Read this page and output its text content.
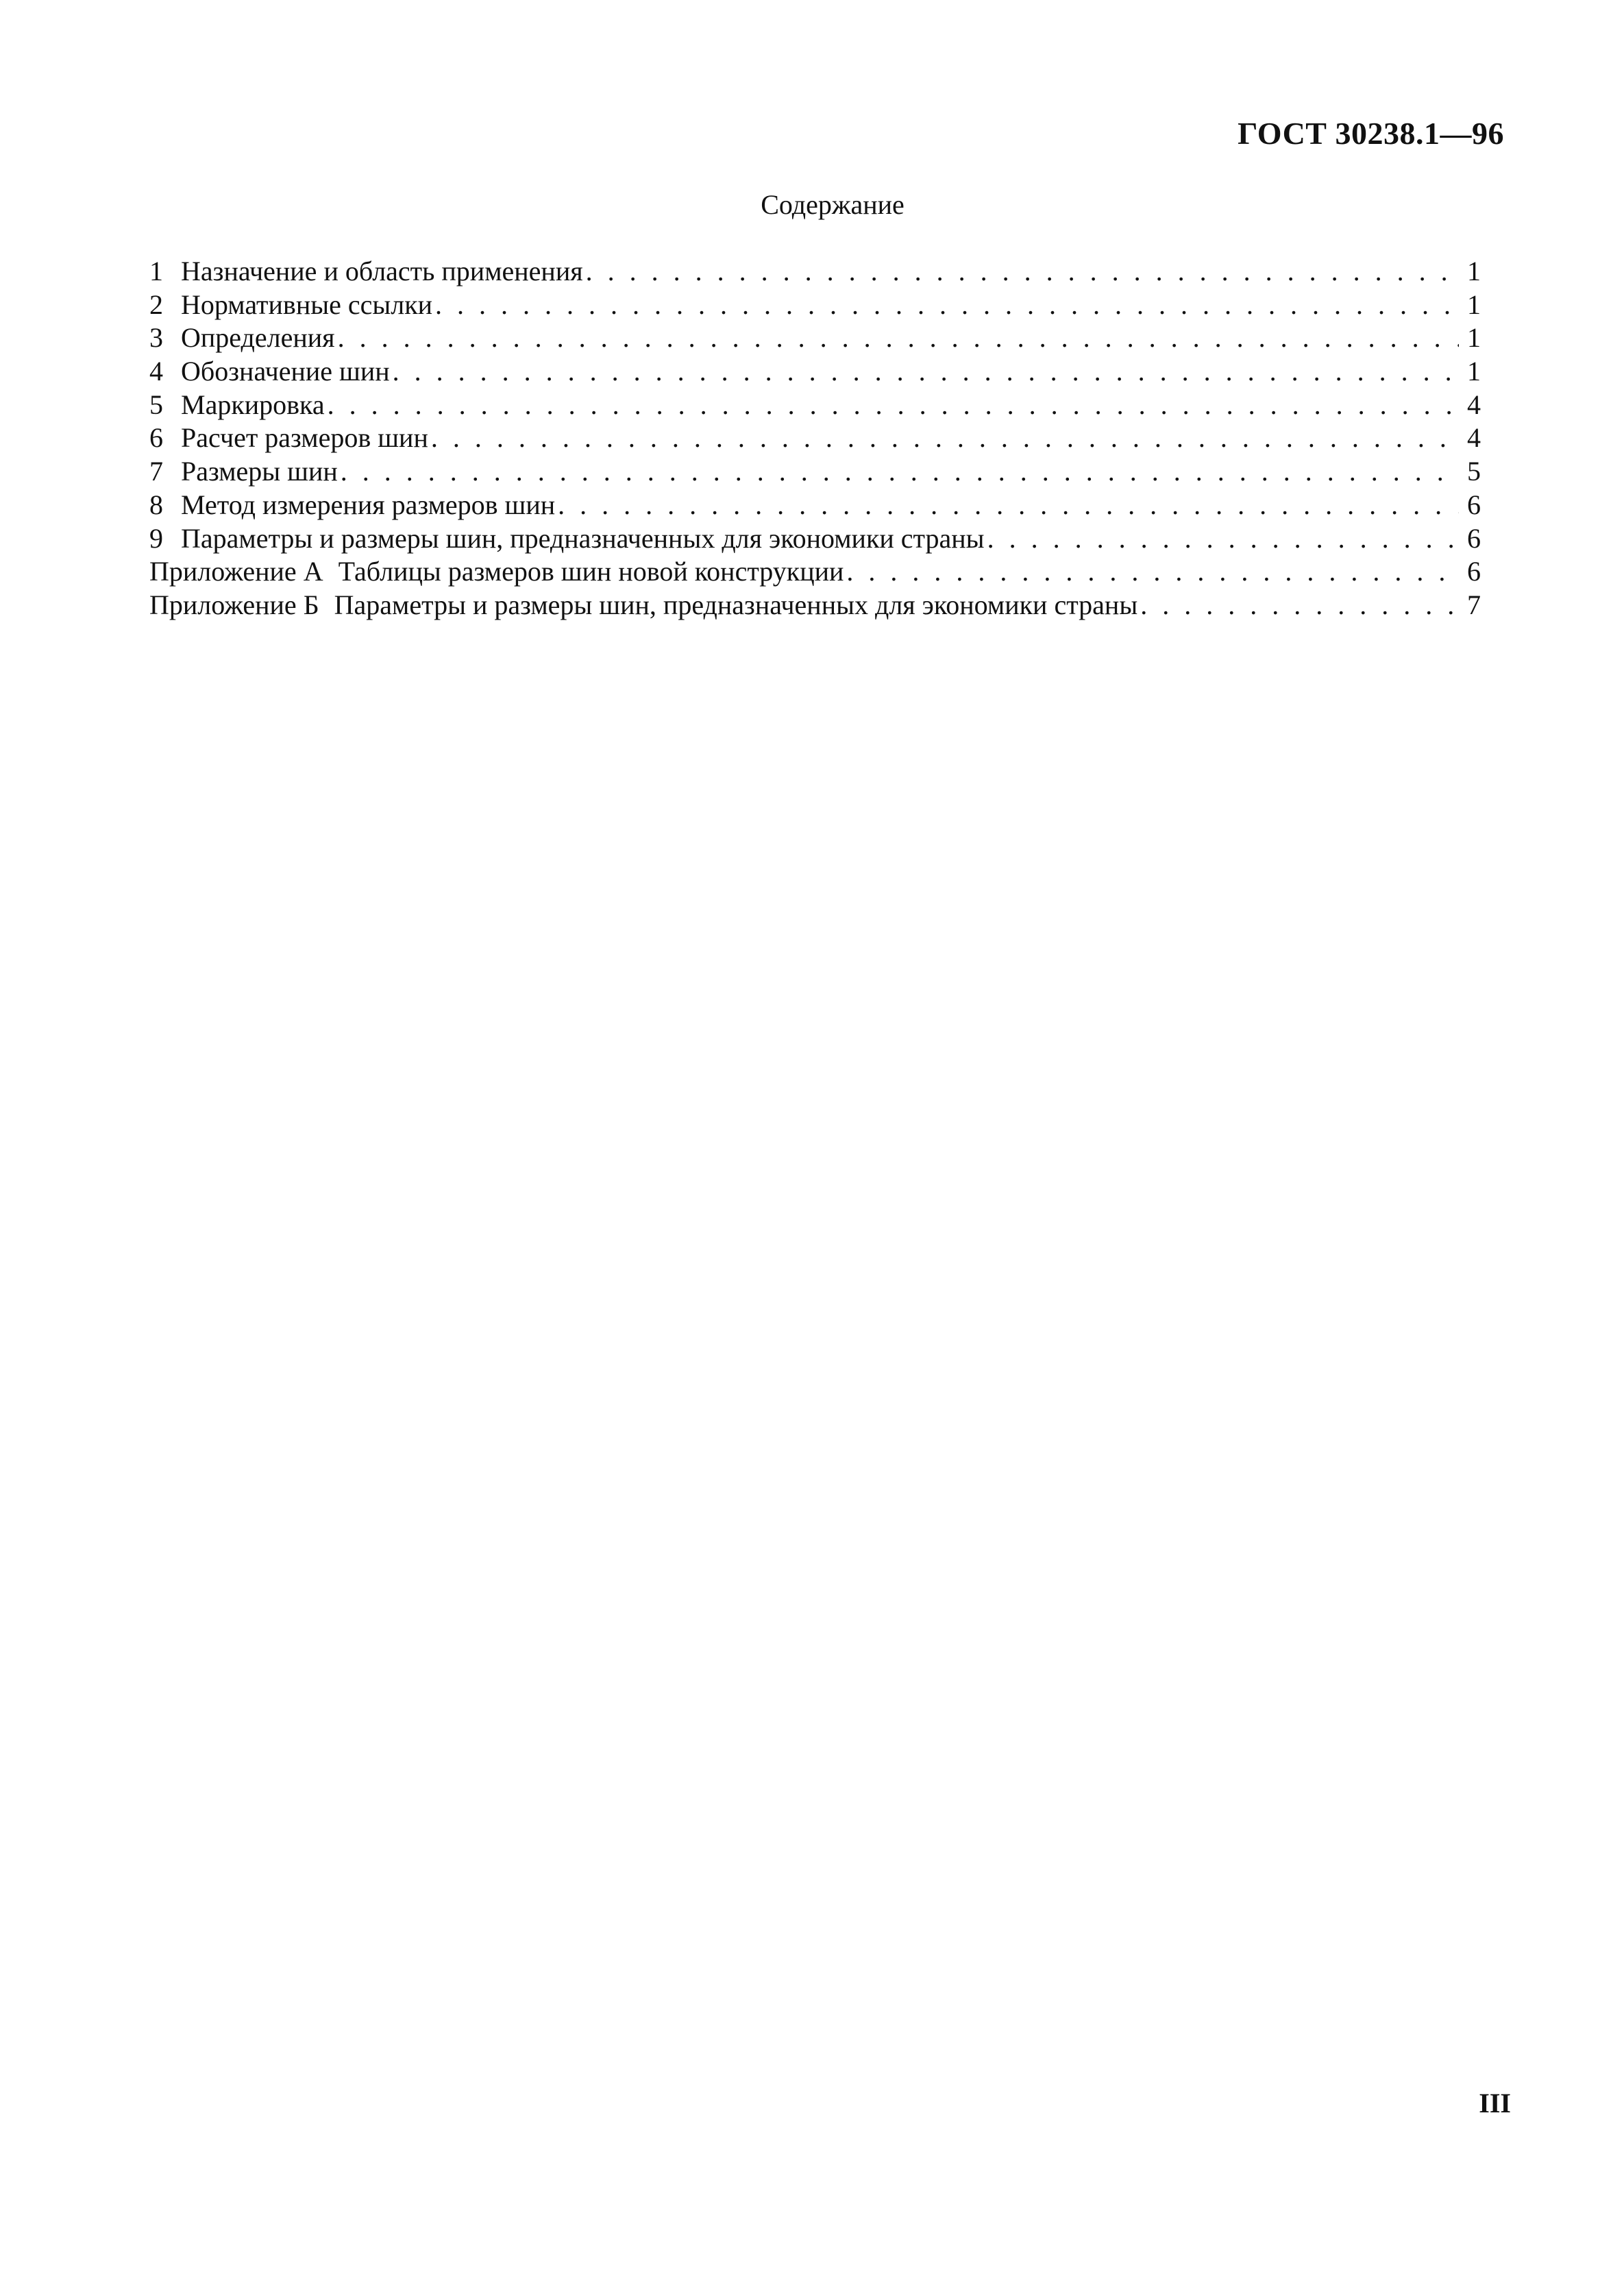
ГОСТ 30238.1—96
Содержание
1 Назначение и область применения . . .	1
2 Нормативные ссылки . . .	1
3 Определения . . .	1
4 Обозначение шин . . .	1
5 Маркировка . . .	4
6 Расчет размеров шин . . .	4
7 Размеры шин . . .	5
8 Метод измерения размеров шин . . .	6
9 Параметры и размеры шин, предназначенных для экономики страны . . .	6
Приложение А Таблицы размеров шин новой конструкции . . .	6
Приложение Б Параметры и размеры шин, предназначенных для экономики страны . . .	7
III
